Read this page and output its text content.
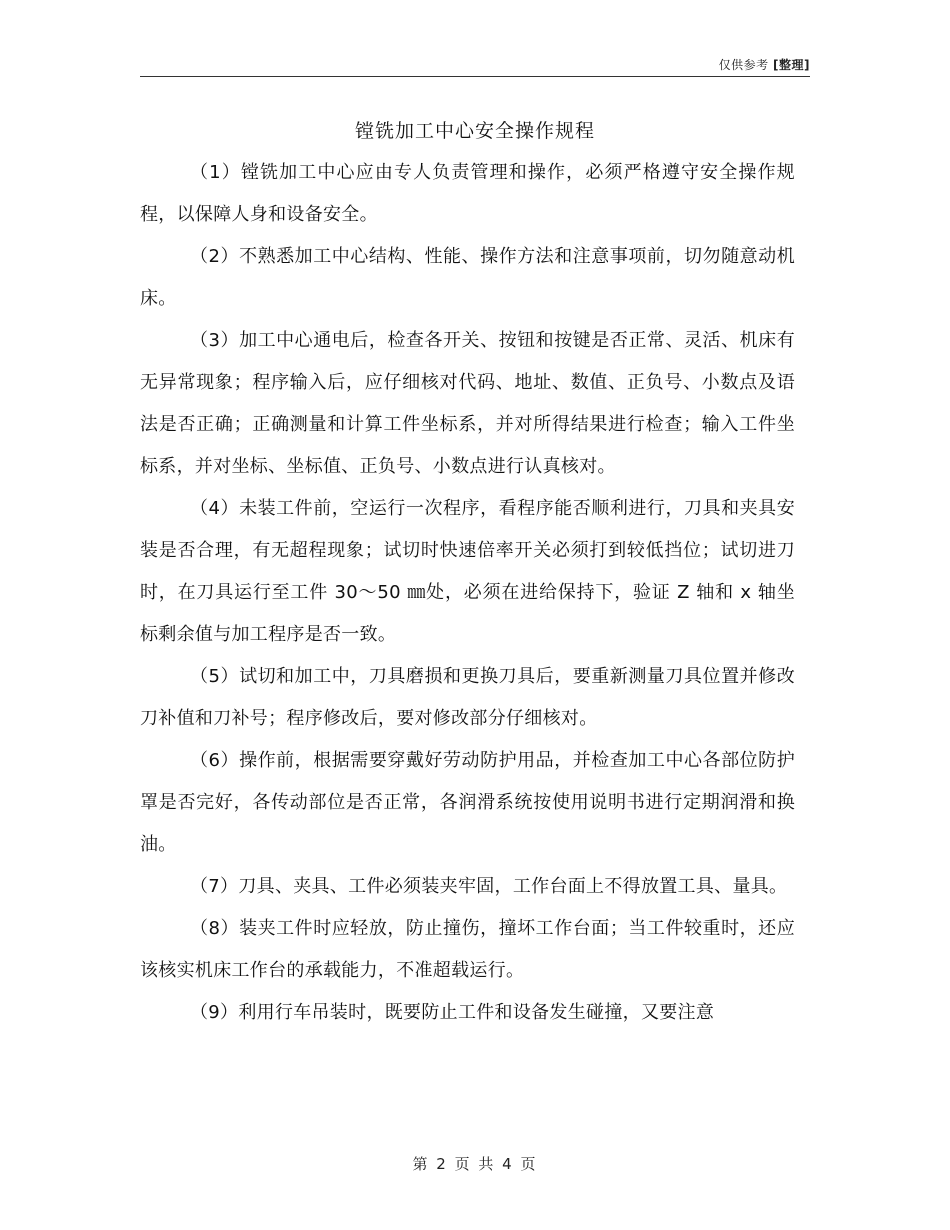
仅供参考 [整理]
镗铣加工中心安全操作规程

（1）镗铣加工中心应由专人负责管理和操作，必须严格遵守安全操作规程，以保障人身和设备安全。

（2）不熟悉加工中心结构、性能、操作方法和注意事项前，切勿随意动机床。

（3）加工中心通电后，检查各开关、按钮和按键是否正常、灵活、机床有无异常现象；程序输入后，应仔细核对代码、地址、数值、正负号、小数点及语法是否正确；正确测量和计算工件坐标系，并对所得结果进行检查；输入工件坐标系，并对坐标、坐标值、正负号、小数点进行认真核对。

（4）未装工件前，空运行一次程序，看程序能否顺利进行，刀具和夹具安装是否合理，有无超程现象；试切时快速倍率开关必须打到较低挡位；试切进刀时，在刀具运行至工件 30～50 ㎜处，必须在进给保持下，验证 Z 轴和 x 轴坐标剩余值与加工程序是否一致。

（5）试切和加工中，刀具磨损和更换刀具后，要重新测量刀具位置并修改刀补值和刀补号；程序修改后，要对修改部分仔细核对。

（6）操作前，根据需要穿戴好劳动防护用品，并检查加工中心各部位防护罩是否完好，各传动部位是否正常，各润滑系统按使用说明书进行定期润滑和换油。

（7）刀具、夹具、工件必须装夹牢固，工作台面上不得放置工具、量具。

（8）装夹工件时应轻放，防止撞伤，撞坏工作台面；当工件较重时，还应该核实机床工作台的承载能力，不准超载运行。

（9）利用行车吊装时，既要防止工件和设备发生碰撞，又要注意

第 2 页 共 4 页
